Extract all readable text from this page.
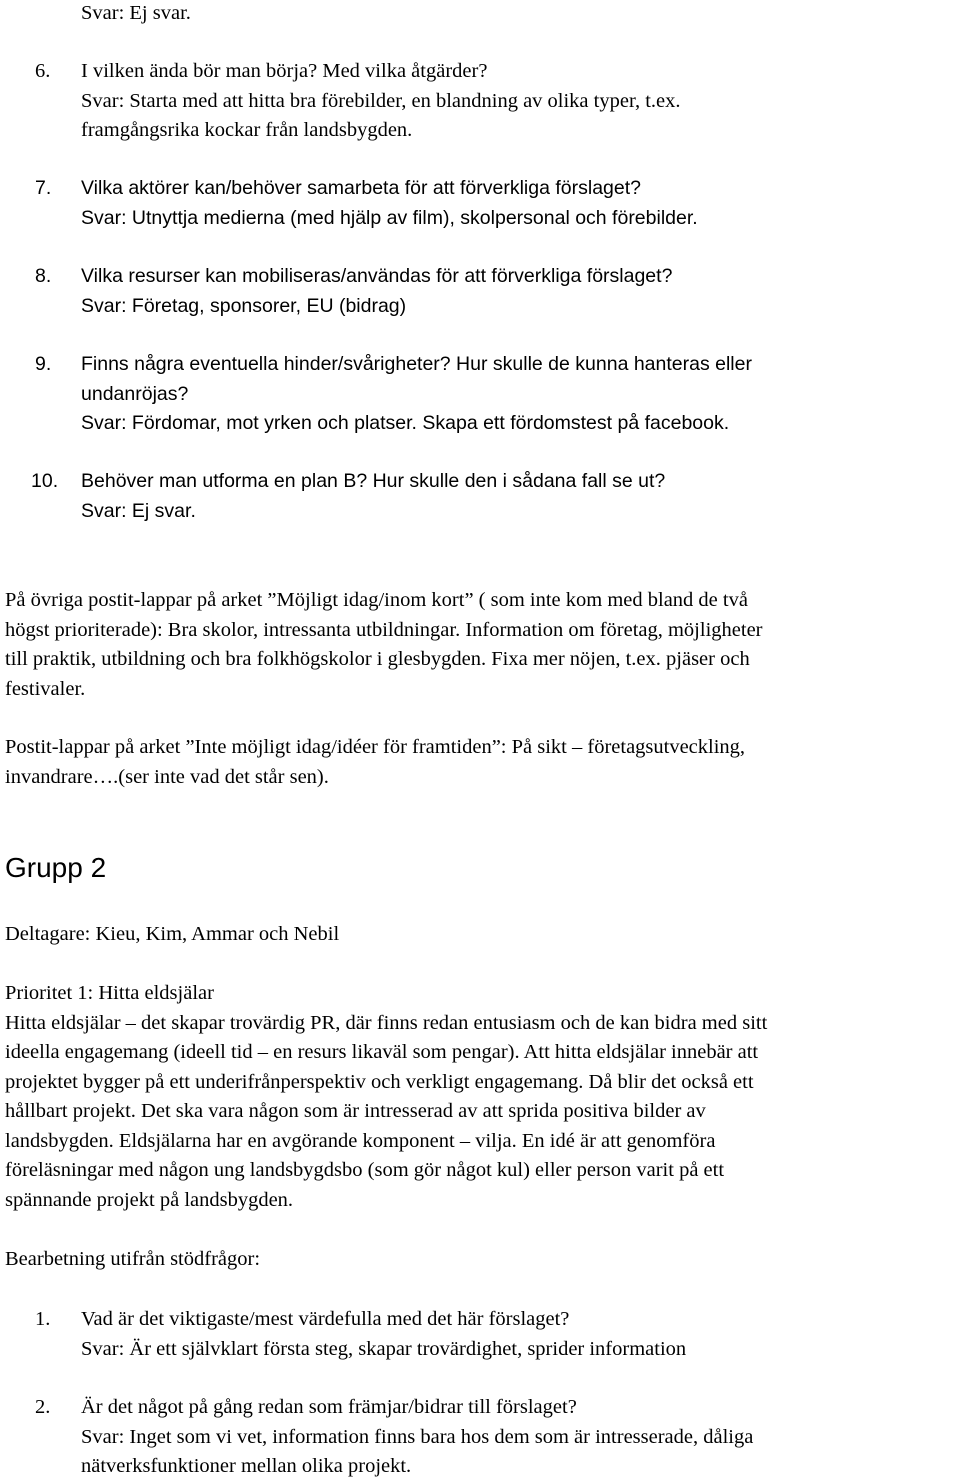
Svar: Ej svar.
6. I vilken ända bör man börja? Med vilka åtgärder?
Svar: Starta med att hitta bra förebilder, en blandning av olika typer, t.ex.
framgångsrika kockar från landsbygden.
7. Vilka aktörer kan/behöver samarbeta för att förverkliga förslaget?
Svar: Utnyttja medierna (med hjälp av film), skolpersonal och förebilder.
8. Vilka resurser kan mobiliseras/användas för att förverkliga förslaget?
Svar: Företag, sponsorer, EU (bidrag)
9. Finns några eventuella hinder/svårigheter? Hur skulle de kunna hanteras eller
undanröjas?
Svar: Fördomar, mot yrken och platser. Skapa ett fördomstest på facebook.
10. Behöver man utforma en plan B? Hur skulle den i sådana fall se ut?
Svar: Ej svar.
På övriga postit-lappar på arket ”Möjligt idag/inom kort” ( som inte kom med bland de två
högst prioriterade): Bra skolor, intressanta utbildningar. Information om företag, möjligheter
till praktik, utbildning och bra folkhögskolor i glesbygden. Fixa mer nöjen, t.ex. pjäser och
festivaler.
Postit-lappar på arket ”Inte möjligt idag/idéer för framtiden”: På sikt – företagsutveckling,
invandrare….(ser inte vad det står sen).
Grupp 2
Deltagare: Kieu, Kim, Ammar och Nebil
Prioritet 1: Hitta eldsjälar
Hitta eldsjälar – det skapar trovärdig PR, där finns redan entusiasm och de kan bidra med sitt
ideella engagemang (ideell tid – en resurs likaväl som pengar). Att hitta eldsjälar innebär att
projektet bygger på ett underifrånperspektiv och verkligt engagemang. Då blir det också ett
hållbart projekt. Det ska vara någon som är intresserad av att sprida positiva bilder av
landsbygden. Eldsjälarna har en avgörande komponent – vilja. En idé är att genomföra
föreläsningar med någon ung landsbygdsbo (som gör något kul) eller person varit på ett
spännande projekt på landsbygden.
Bearbetning utifrån stödfrågor:
1. Vad är det viktigaste/mest värdefulla med det här förslaget?
Svar: Är ett självklart första steg, skapar trovärdighet, sprider information
2. Är det något på gång redan som främjar/bidrar till förslaget?
Svar: Inget som vi vet, information finns bara hos dem som är intresserade, dåliga
nätverksfunktioner mellan olika projekt.
